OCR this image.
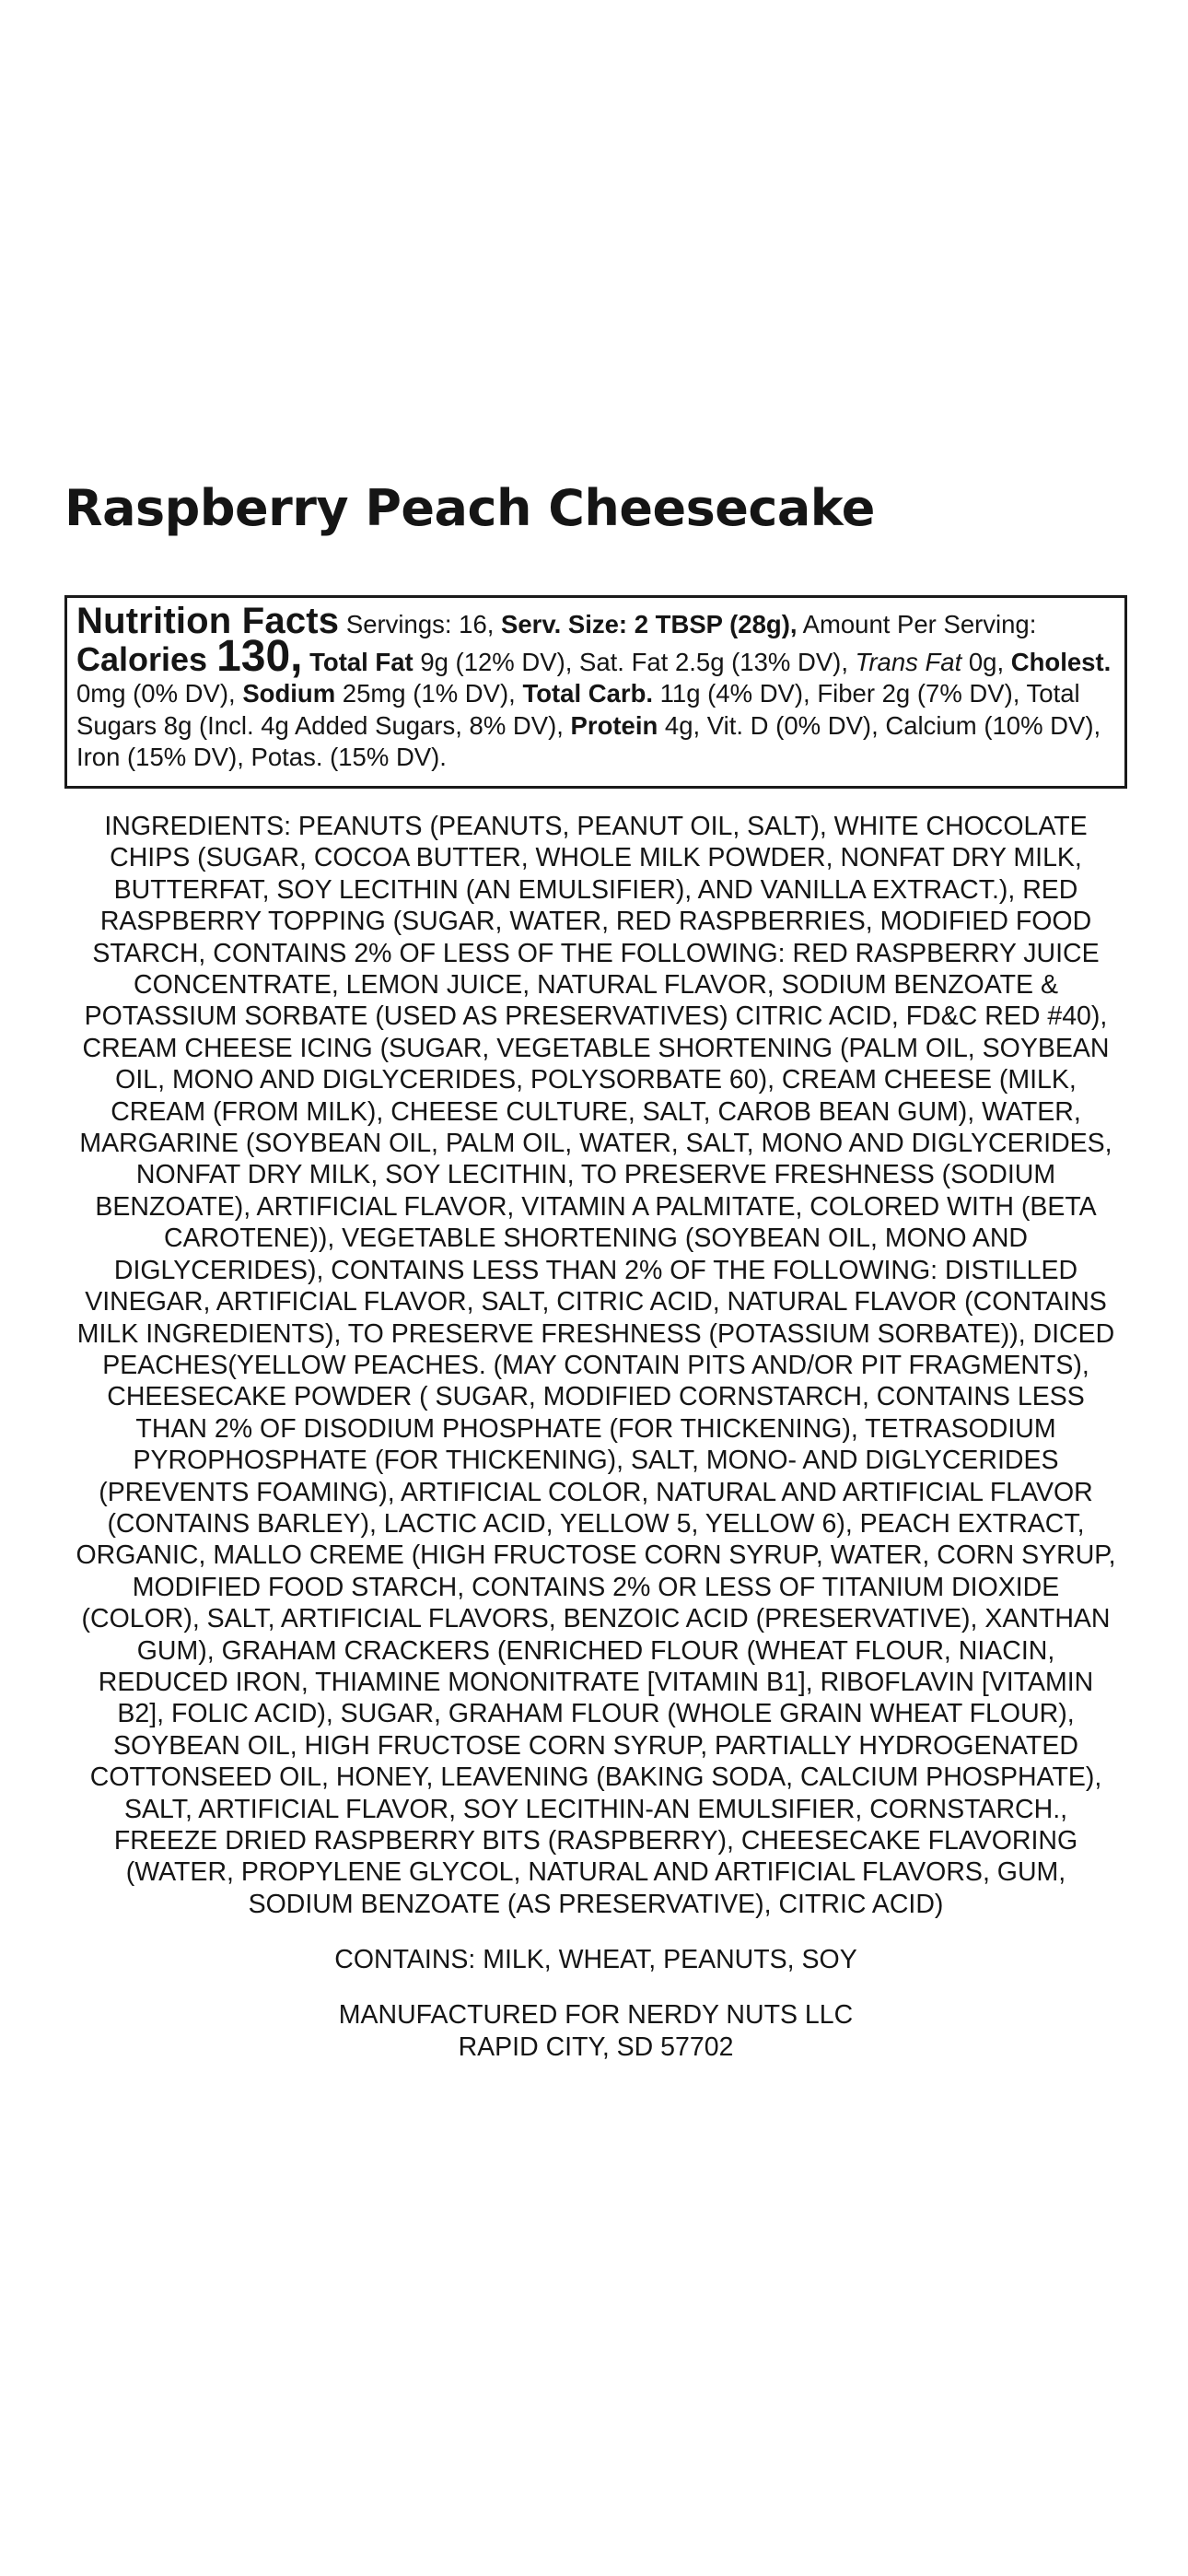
Raspberry Peach Cheesecake
Nutrition Facts Servings: 16, Serv. Size: 2 TBSP (28g), Amount Per Serving: Calories 130, Total Fat 9g (12% DV), Sat. Fat 2.5g (13% DV), Trans Fat 0g, Cholest. 0mg (0% DV), Sodium 25mg (1% DV), Total Carb. 11g (4% DV), Fiber 2g (7% DV), Total Sugars 8g (Incl. 4g Added Sugars, 8% DV), Protein 4g, Vit. D (0% DV), Calcium (10% DV), Iron (15% DV), Potas. (15% DV).
INGREDIENTS: PEANUTS (PEANUTS, PEANUT OIL, SALT), WHITE CHOCOLATE
CHIPS (SUGAR, COCOA BUTTER, WHOLE MILK POWDER, NONFAT DRY MILK,
BUTTERFAT, SOY LECITHIN (AN EMULSIFIER), AND VANILLA EXTRACT.), RED
RASPBERRY TOPPING (SUGAR, WATER, RED RASPBERRIES, MODIFIED FOOD
STARCH, CONTAINS 2% OF LESS OF THE FOLLOWING: RED RASPBERRY JUICE
CONCENTRATE, LEMON JUICE, NATURAL FLAVOR, SODIUM BENZOATE &
POTASSIUM SORBATE (USED AS PRESERVATIVES) CITRIC ACID, FD&C RED #40),
CREAM CHEESE ICING (SUGAR, VEGETABLE SHORTENING (PALM OIL, SOYBEAN
OIL, MONO AND DIGLYCERIDES, POLYSORBATE 60), CREAM CHEESE (MILK,
CREAM (FROM MILK), CHEESE CULTURE, SALT, CAROB BEAN GUM), WATER,
MARGARINE (SOYBEAN OIL, PALM OIL, WATER, SALT, MONO AND DIGLYCERIDES,
NONFAT DRY MILK, SOY LECITHIN, TO PRESERVE FRESHNESS (SODIUM
BENZOATE), ARTIFICIAL FLAVOR, VITAMIN A PALMITATE, COLORED WITH (BETA
CAROTENE)), VEGETABLE SHORTENING (SOYBEAN OIL, MONO AND
DIGLYCERIDES), CONTAINS LESS THAN 2% OF THE FOLLOWING: DISTILLED
VINEGAR, ARTIFICIAL FLAVOR, SALT, CITRIC ACID, NATURAL FLAVOR (CONTAINS
MILK INGREDIENTS), TO PRESERVE FRESHNESS (POTASSIUM SORBATE)), DICED
PEACHES(YELLOW PEACHES. (MAY CONTAIN PITS AND/OR PIT FRAGMENTS),
CHEESECAKE POWDER ( SUGAR, MODIFIED CORNSTARCH, CONTAINS LESS
THAN 2% OF DISODIUM PHOSPHATE (FOR THICKENING), TETRASODIUM
PYROPHOSPHATE (FOR THICKENING), SALT, MONO- AND DIGLYCERIDES
(PREVENTS FOAMING), ARTIFICIAL COLOR, NATURAL AND ARTIFICIAL FLAVOR
(CONTAINS BARLEY), LACTIC ACID, YELLOW 5, YELLOW 6), PEACH EXTRACT,
ORGANIC, MALLO CREME (HIGH FRUCTOSE CORN SYRUP, WATER, CORN SYRUP,
MODIFIED FOOD STARCH, CONTAINS 2% OR LESS OF TITANIUM DIOXIDE
(COLOR), SALT, ARTIFICIAL FLAVORS, BENZOIC ACID (PRESERVATIVE), XANTHAN
GUM), GRAHAM CRACKERS (ENRICHED FLOUR (WHEAT FLOUR, NIACIN,
REDUCED IRON, THIAMINE MONONITRATE [VITAMIN B1], RIBOFLAVIN [VITAMIN
B2], FOLIC ACID), SUGAR, GRAHAM FLOUR (WHOLE GRAIN WHEAT FLOUR),
SOYBEAN OIL, HIGH FRUCTOSE CORN SYRUP, PARTIALLY HYDROGENATED
COTTONSEED OIL, HONEY, LEAVENING (BAKING SODA, CALCIUM PHOSPHATE),
SALT, ARTIFICIAL FLAVOR, SOY LECITHIN-AN EMULSIFIER, CORNSTARCH.,
FREEZE DRIED RASPBERRY BITS (RASPBERRY), CHEESECAKE FLAVORING
(WATER, PROPYLENE GLYCOL, NATURAL AND ARTIFICIAL FLAVORS, GUM,
SODIUM BENZOATE (AS PRESERVATIVE), CITRIC ACID)

CONTAINS: MILK, WHEAT, PEANUTS, SOY

MANUFACTURED FOR NERDY NUTS LLC
RAPID CITY, SD 57702
